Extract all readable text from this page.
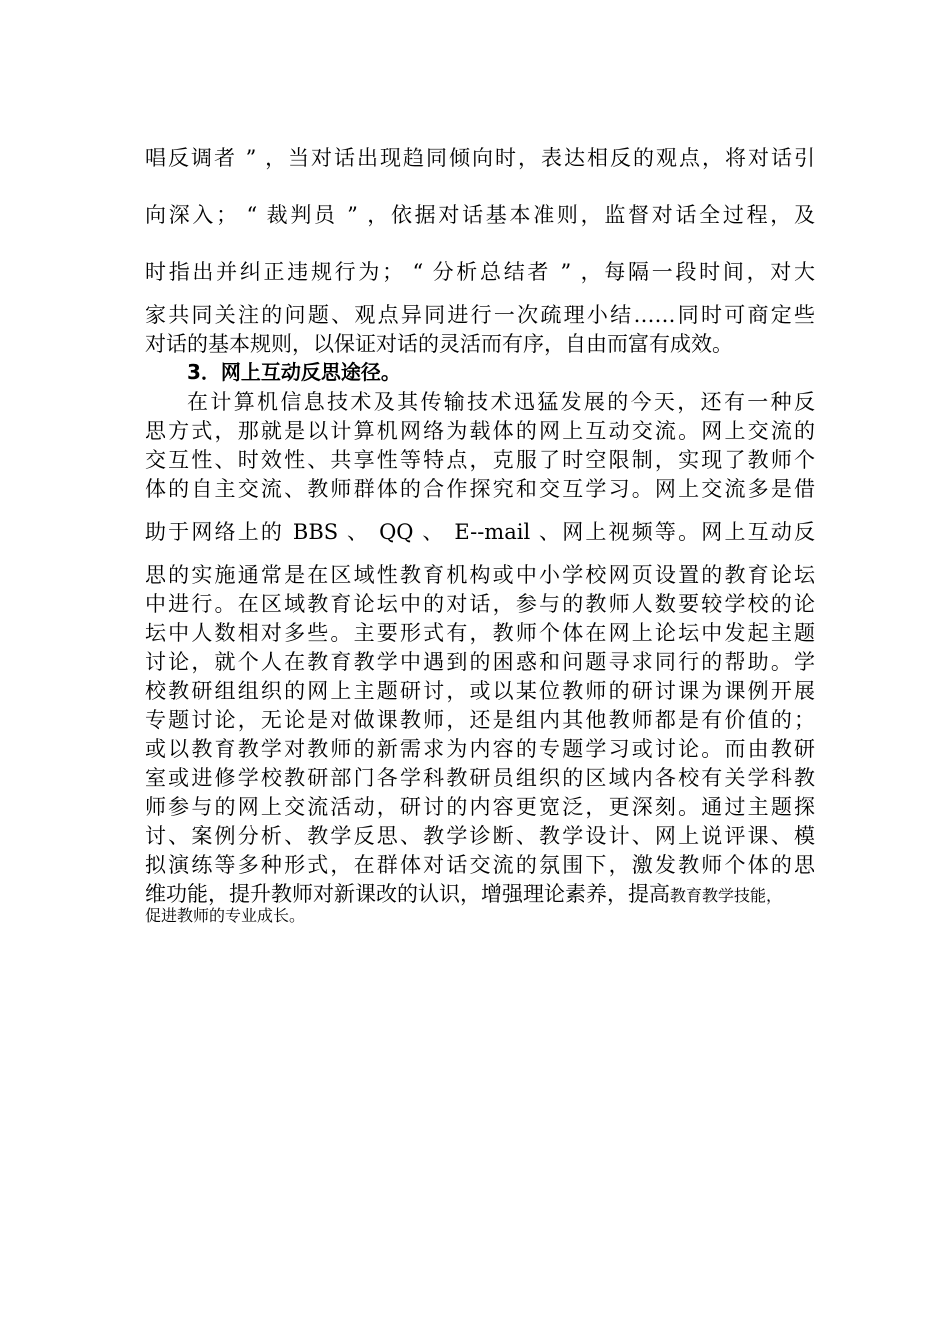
唱反调者 ” ，当对话出现趋同倾向时，表达相反的观点，将对话引
向深入； “ 裁判员 ” ，依据对话基本准则，监督对话全过程，及
时指出并纠正违规行为； “ 分析总结者 ” ，每隔一段时间，对大
家共同关注的问题、观点异同进行一次疏理小结……同时可商定些
对话的基本规则，以保证对话的灵活而有序，自由而富有成效。
3．网上互动反思途径。
在计算机信息技术及其传输技术迅猛发展的今天，还有一种反
思方式，那就是以计算机网络为载体的网上互动交流。网上交流的
交互性、时效性、共享性等特点，克服了时空限制，实现了教师个
体的自主交流、教师群体的合作探究和交互学习。网上交流多是借
助于网络上的 BBS 、 QQ 、 E--mail 、网上视频等。网上互动反
思的实施通常是在区域性教育机构或中小学校网页设置的教育论坛
中进行。在区域教育论坛中的对话，参与的教师人数要较学校的论
坛中人数相对多些。主要形式有，教师个体在网上论坛中发起主题
讨论，就个人在教育教学中遇到的困惑和问题寻求同行的帮助。学
校教研组组织的网上主题研讨，或以某位教师的研讨课为课例开展
专题讨论，无论是对做课教师，还是组内其他教师都是有价值的；
或以教育教学对教师的新需求为内容的专题学习或讨论。而由教研
室或进修学校教研部门各学科教研员组织的区域内各校有关学科教
师参与的网上交流活动，研讨的内容更宽泛，更深刻。通过主题探
讨、案例分析、教学反思、教学诊断、教学设计、网上说评课、模
拟演练等多种形式，在群体对话交流的氛围下，激发教师个体的思
维功能，提升教师对新课改的认识，增强理论素养，提高教育教学技能，
促进教师的专业成长。
